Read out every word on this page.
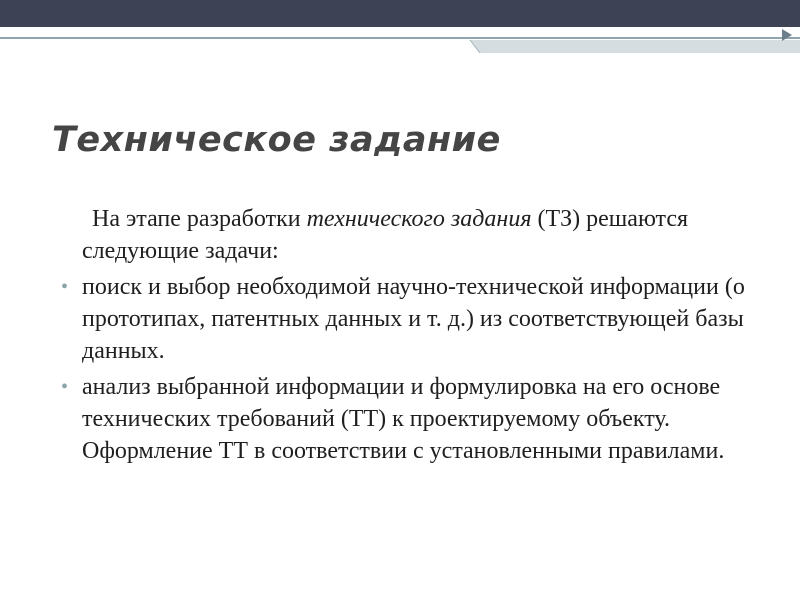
Техническое задание

На этапе разработки технического задания (ТЗ) решаются следующие задачи:

• поиск и выбор необходимой научно-технической информации (о прототипах, патентных данных и т. д.) из соответствующей базы данных.
• анализ выбранной информации и формулировка на его основе технических требований (ТТ) к проектируемому объекту. Оформление ТТ в соответствии с установленными правилами.
